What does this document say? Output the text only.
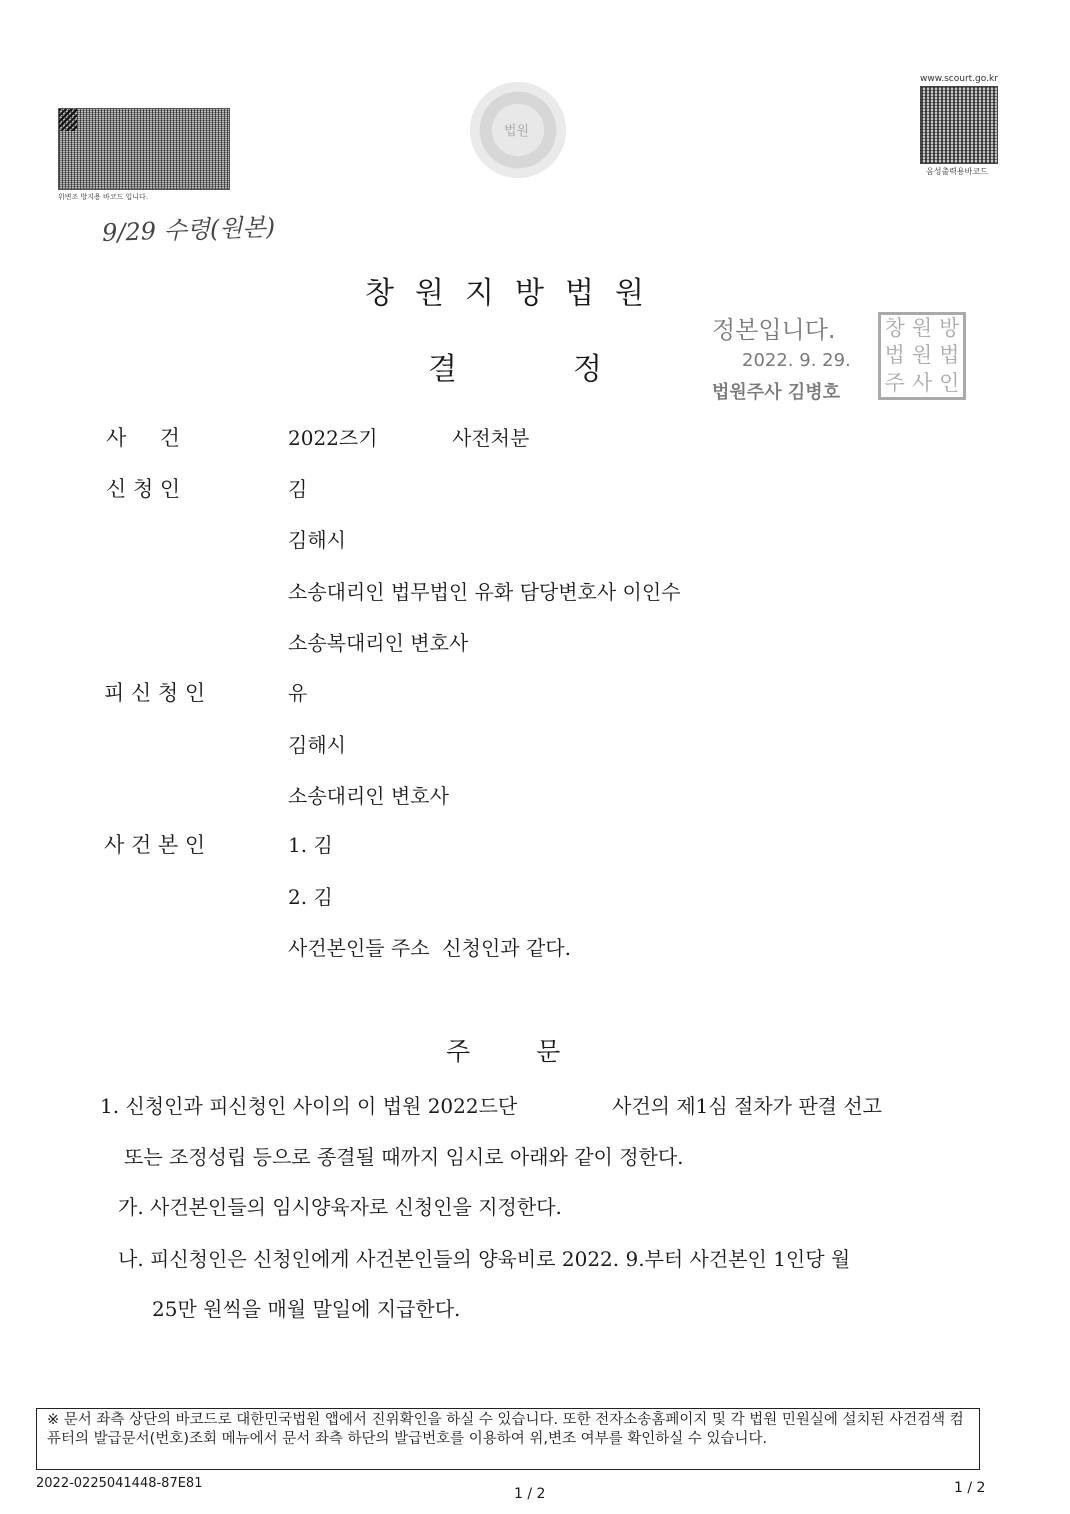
위변조 방지용 바코드 입니다.
9/29 수령(원본)
법원
www.scourt.go.kr
음성출력용바코드
창원지방법원
결	정
정본입니다.
2022. 9. 29.
법원주사 김병호
창 원 방
법 원 법
주 사 인
사     건	2022즈기	사전처분
신 청 인	김
김해시
소송대리인 법무법인 유화 담당변호사 이인수
소송복대리인 변호사
피 신 청 인	유
김해시
소송대리인 변호사
사 건 본 인	1. 김
2. 김
사건본인들 주소  신청인과 같다.
주	문
1. 신청인과 피신청인 사이의 이 법원 2022드단	사건의 제1심 절차가 판결 선고
또는 조정성립 등으로 종결될 때까지 임시로 아래와 같이 정한다.
가. 사건본인들의 임시양육자로 신청인을 지정한다.
나. 피신청인은 신청인에게 사건본인들의 양육비로 2022. 9.부터 사건본인 1인당 월
25만 원씩을 매월 말일에 지급한다.
※ 문서 좌측 상단의 바코드로 대한민국법원 앱에서 진위확인을 하실 수 있습니다. 또한 전자소송홈페이지 및 각 법원 민원실에 설치된 사건검색 컴퓨터의 발급문서(번호)조회 메뉴에서 문서 좌측 하단의 발급번호를 이용하여 위,변조 여부를 확인하실 수 있습니다.
2022-0225041448-87E81
1 / 2	1 / 2
